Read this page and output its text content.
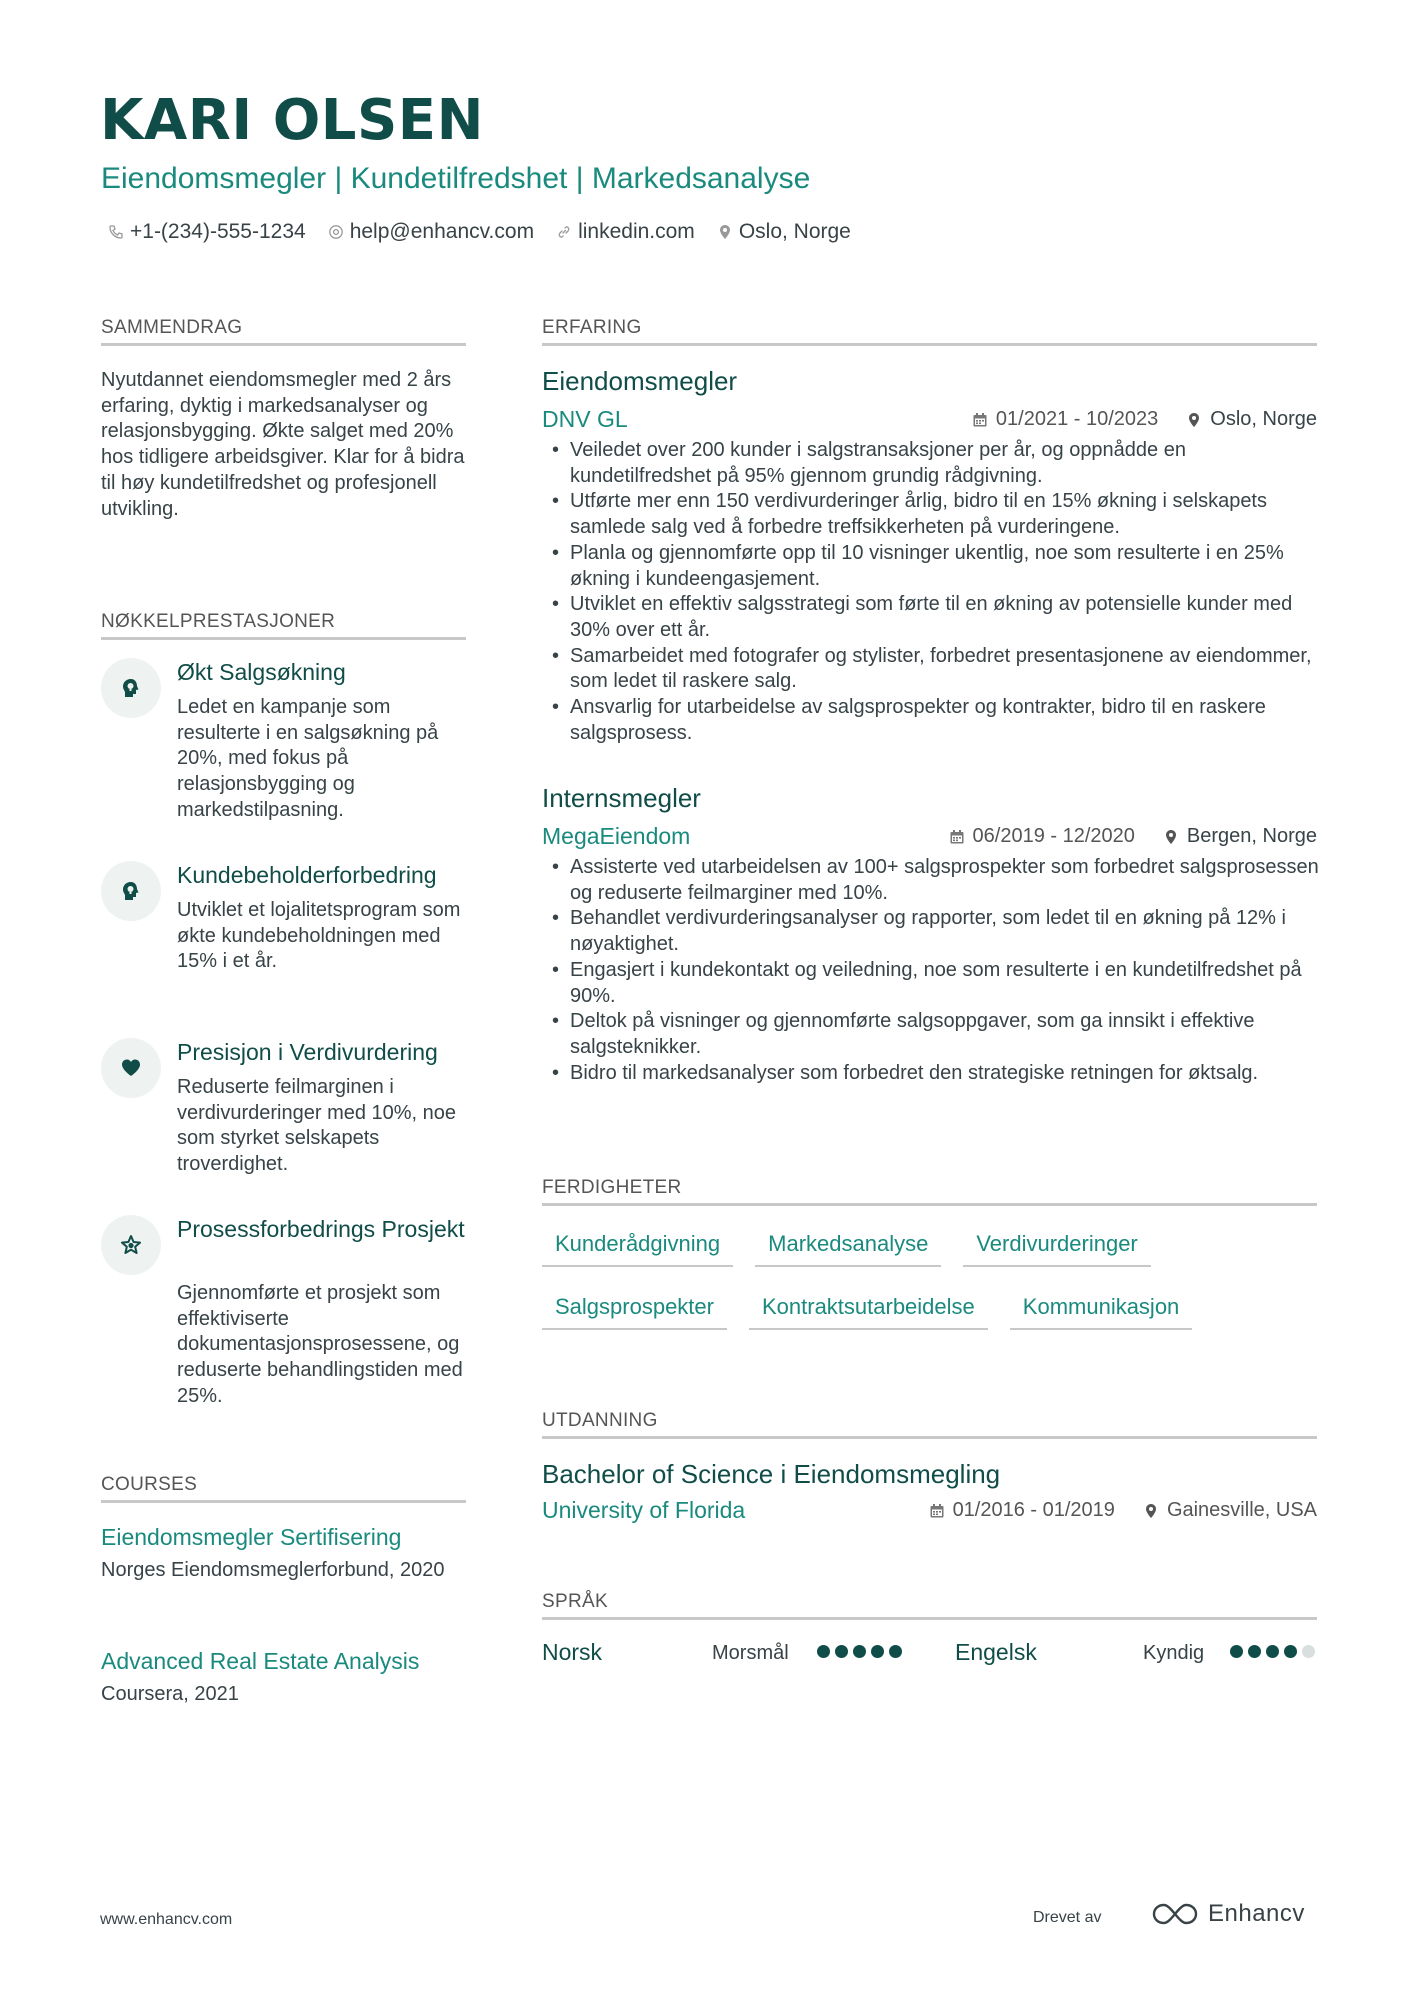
KARI OLSEN
Eiendomsmegler | Kundetilfredshet | Markedsanalyse
+1-(234)-555-1234 help@enhancv.com linkedin.com Oslo, Norge
SAMMENDRAG
Nyutdannet eiendomsmegler med 2 års erfaring, dyktig i markedsanalyser og relasjonsbygging. Økte salget med 20% hos tidligere arbeidsgiver. Klar for å bidra til høy kundetilfredshet og profesjonell utvikling.
NØKKELPRESTASJONER
Økt Salgsøkning
Ledet en kampanje som resulterte i en salgsøkning på 20%, med fokus på relasjonsbygging og markedstilpasning.
Kundebeholderforbedring
Utviklet et lojalitetsprogram som økte kundebeholdningen med 15% i et år.
Presisjon i Verdivurdering
Reduserte feilmarginen i verdivurderinger med 10%, noe som styrket selskapets troverdighet.
Prosessforbedrings Prosjekt
Gjennomførte et prosjekt som effektiviserte dokumentasjonsprosessene, og reduserte behandlingstiden med 25%.
COURSES
Eiendomsmegler Sertifisering
Norges Eiendomsmeglerforbund, 2020
Advanced Real Estate Analysis
Coursera, 2021
ERFARING
Eiendomsmegler
DNV GL	01/2021 - 10/2023	Oslo, Norge
• Veiledet over 200 kunder i salgstransaksjoner per år, og oppnådde en kundetilfredshet på 95% gjennom grundig rådgivning.
• Utførte mer enn 150 verdivurderinger årlig, bidro til en 15% økning i selskapets samlede salg ved å forbedre treffsikkerheten på vurderingene.
• Planla og gjennomførte opp til 10 visninger ukentlig, noe som resulterte i en 25% økning i kundeengasjement.
• Utviklet en effektiv salgsstrategi som førte til en økning av potensielle kunder med 30% over ett år.
• Samarbeidet med fotografer og stylister, forbedret presentasjonene av eiendommer, som ledet til raskere salg.
• Ansvarlig for utarbeidelse av salgsprospekter og kontrakter, bidro til en raskere salgsprosess.
Internsmegler
MegaEiendom	06/2019 - 12/2020	Bergen, Norge
• Assisterte ved utarbeidelsen av 100+ salgsprospekter som forbedret salgsprosessen og reduserte feilmarginer med 10%.
• Behandlet verdivurderingsanalyser og rapporter, som ledet til en økning på 12% i nøyaktighet.
• Engasjert i kundekontakt og veiledning, noe som resulterte i en kundetilfredshet på 90%.
• Deltok på visninger og gjennomførte salgsoppgaver, som ga innsikt i effektive salgsteknikker.
• Bidro til markedsanalyser som forbedret den strategiske retningen for øktsalg.
FERDIGHETER
Kunderådgivning	Markedsanalyse	Verdivurderinger
Salgsprospekter	Kontraktsutarbeidelse	Kommunikasjon
UTDANNING
Bachelor of Science i Eiendomsmegling
University of Florida	01/2016 - 01/2019	Gainesville, USA
SPRÅK
Norsk	Morsmål	Engelsk	Kyndig
www.enhancv.com	Drevet av	Enhancv
